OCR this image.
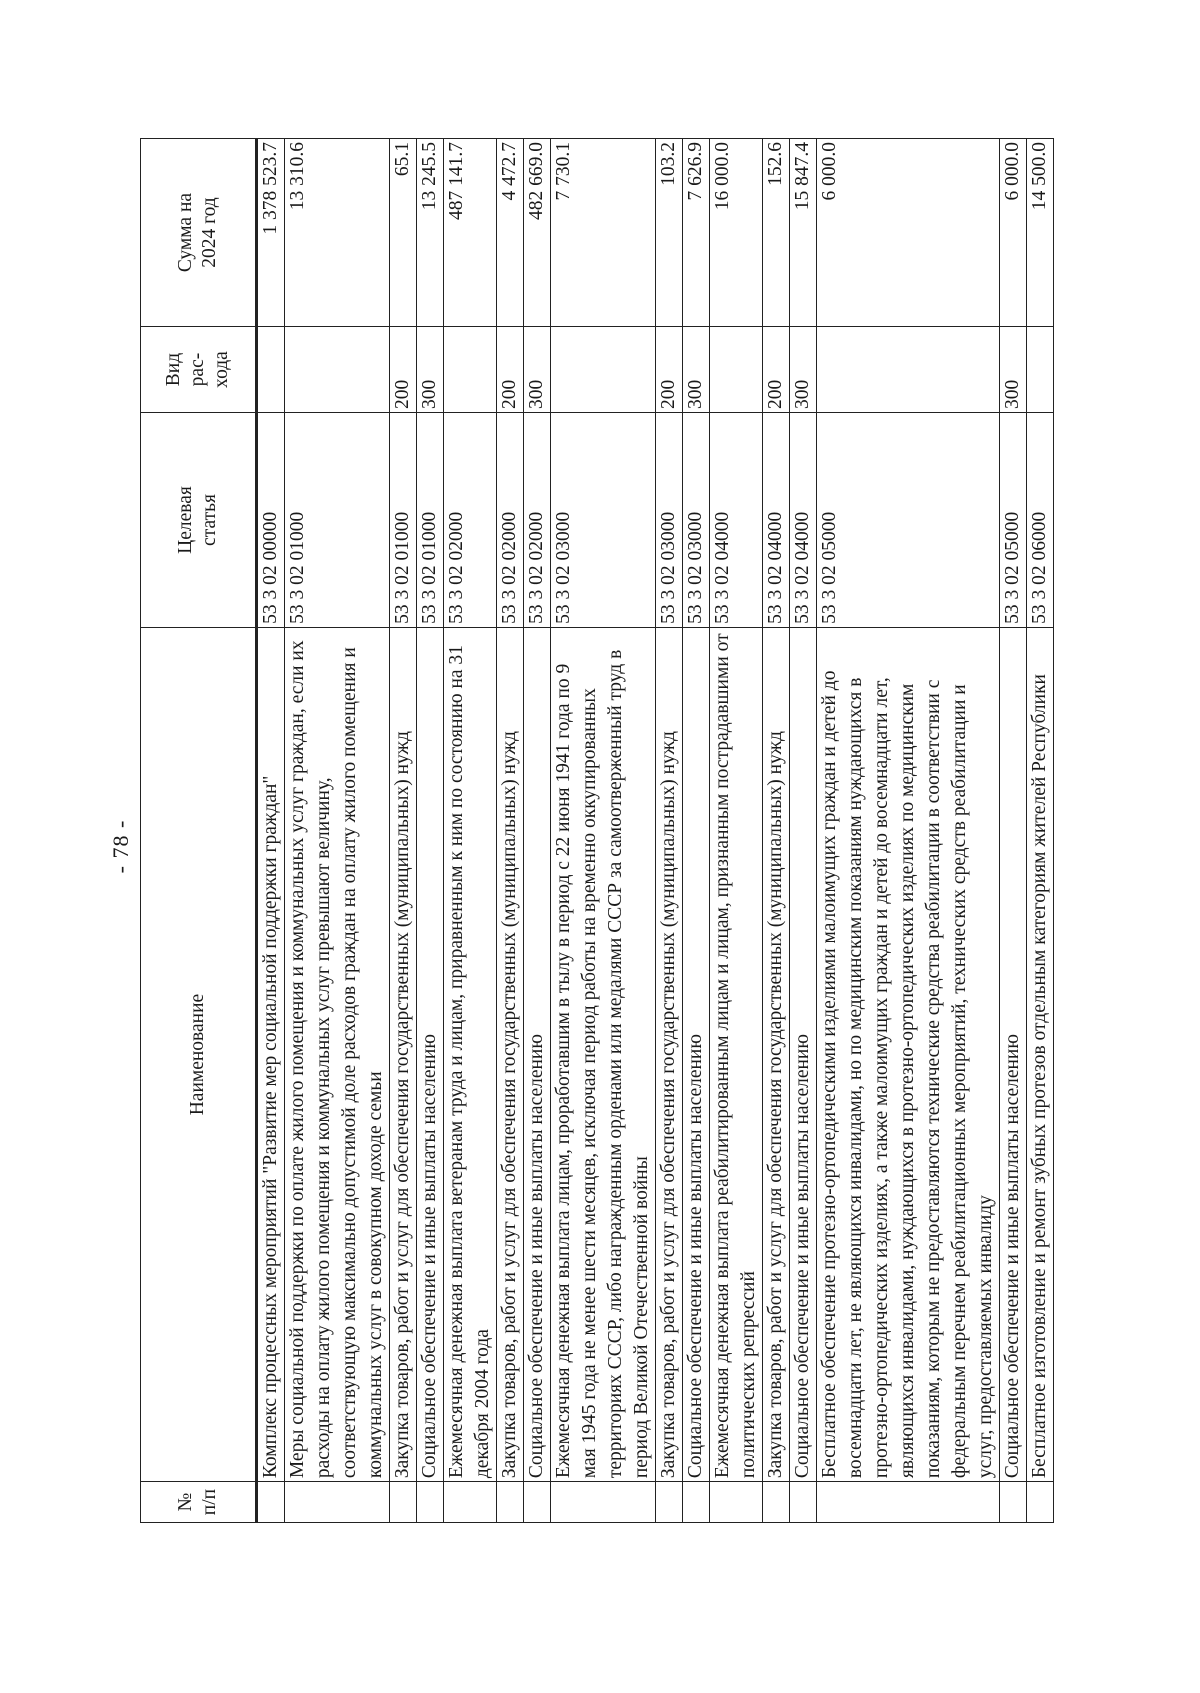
- 78 -
№ п/п	Наименование	Целевая статья	Вид рас-хода	Сумма на 2024 год
	Комплекс процессных мероприятий "Развитие мер социальной поддержки граждан"	53 3 02 00000		1 378 523.7
	Меры социальной поддержки по оплате жилого помещения и коммунальных услуг граждан, если их расходы на оплату жилого помещения и коммунальных услуг превышают величину, соответствующую максимально допустимой доле расходов граждан на оплату жилого помещения и коммунальных услуг в совокупном доходе семьи	53 3 02 01000		13 310.6
	Закупка товаров, работ и услуг для обеспечения государственных (муниципальных) нужд	53 3 02 01000	200	65.1
	Социальное обеспечение и иные выплаты населению	53 3 02 01000	300	13 245.5
	Ежемесячная денежная выплата ветеранам труда и лицам, приравненным к ним по состоянию на 31 декабря 2004 года	53 3 02 02000		487 141.7
	Закупка товаров, работ и услуг для обеспечения государственных (муниципальных) нужд	53 3 02 02000	200	4 472.7
	Социальное обеспечение и иные выплаты населению	53 3 02 02000	300	482 669.0
	Ежемесячная денежная выплата лицам, проработавшим в тылу в период с 22 июня 1941 года по 9 мая 1945 года не менее шести месяцев, исключая период работы на временно оккупированных территориях СССР, либо награжденным орденами или медалями СССР за самоотверженный труд в период Великой Отечественной войны	53 3 02 03000		7 730.1
	Закупка товаров, работ и услуг для обеспечения государственных (муниципальных) нужд	53 3 02 03000	200	103.2
	Социальное обеспечение и иные выплаты населению	53 3 02 03000	300	7 626.9
	Ежемесячная денежная выплата реабилитированным лицам и лицам, признанным пострадавшими от политических репрессий	53 3 02 04000		16 000.0
	Закупка товаров, работ и услуг для обеспечения государственных (муниципальных) нужд	53 3 02 04000	200	152.6
	Социальное обеспечение и иные выплаты населению	53 3 02 04000	300	15 847.4
	Бесплатное обеспечение протезно-ортопедическими изделиями малоимущих граждан и детей до восемнадцати лет, не являющихся инвалидами, но по медицинским показаниям нуждающихся в протезно-ортопедических изделиях, а также малоимущих граждан и детей до восемнадцати лет, являющихся инвалидами, нуждающихся в протезно-ортопедических изделиях по медицинским показаниям, которым не предоставляются технические средства реабилитации в соответствии с федеральным перечнем реабилитационных мероприятий, технических средств реабилитации и услуг, предоставляемых инвалиду	53 3 02 05000		6 000.0
	Социальное обеспечение и иные выплаты населению	53 3 02 05000	300	6 000.0
	Бесплатное изготовление и ремонт зубных протезов отдельным категориям жителей Республики	53 3 02 06000		14 500.0
